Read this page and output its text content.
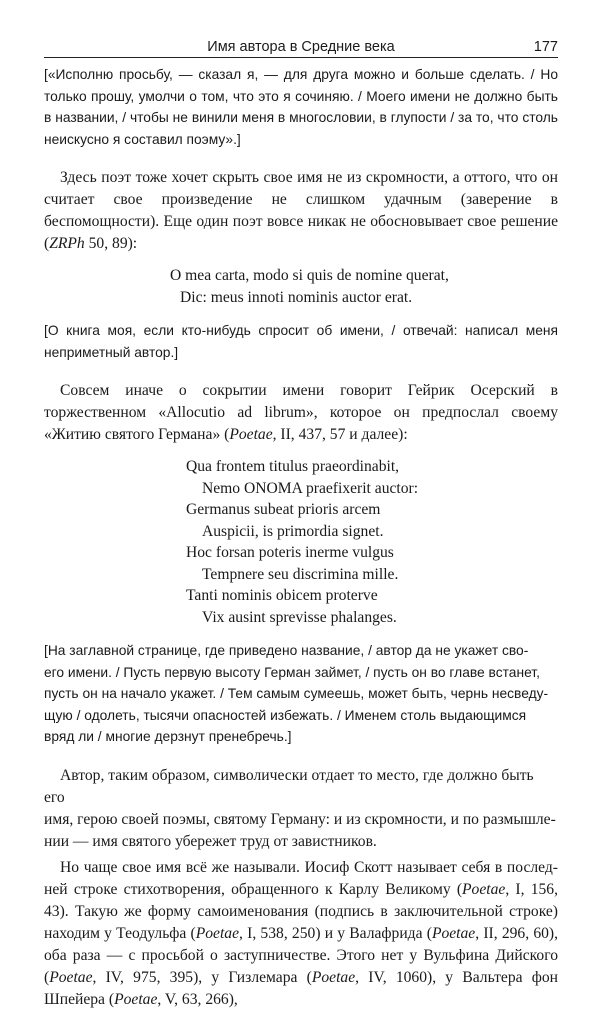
Имя автора в Средние века	177

[«Исполню просьбу, — сказал я, — для друга можно и больше сделать. / Но только прошу, умолчи о том, что это я сочиняю. / Моего имени не должно быть в названии, / чтобы не винили меня в многословии, в глупости / за то, что столь неискусно я составил поэму».]

Здесь поэт тоже хочет скрыть свое имя не из скромности, а оттого, что он считает свое произведение не слишком удачным (заверение в беспомощности). Еще один поэт вовсе никак не обосновывает свое решение (ZRPh 50, 89):

O mea carta, modo si quis de nomine querat,
Dic: meus innoti nominis auctor erat.

[О книга моя, если кто-нибудь спросит об имени, / отвечай: написал меня неприметный автор.]

Совсем иначе о сокрытии имени говорит Гейрик Осерский в торжественном «Allocutio ad librum», которое он предпослал своему «Житию святого Германа» (Poetae, II, 437, 57 и далее):

Qua frontem titulus praeordinabit,
Nemo ONOMA praefixerit auctor:
Germanus subeat prioris arcem
Auspicii, is primordia signet.
Hoc forsan poteris inerme vulgus
Tempnere seu discrimina mille.
Tanti nominis obicem proterve
Vix ausint sprevisse phalanges.

[На заглавной странице, где приведено название, / автор да не укажет сво-
его имени. / Пусть первую высоту Герман займет, / пусть он во главе встанет,
пусть он на начало укажет. / Тем самым сумеешь, может быть, чернь несведу-
щую / одолеть, тысячи опасностей избежать. / Именем столь выдающимся
вряд ли / многие дерзнут пренебречь.]

Автор, таким образом, символически отдает то место, где должно быть его
имя, герою своей поэмы, святому Герману: и из скромности, и по размышле-
нии — имя святого убережет труд от завистников.

Но чаще свое имя всё же называли. Иосиф Скотт называет себя в послед-ней строке стихотворения, обращенного к Карлу Великому (Poetae, I, 156, 43). Такую же форму самоименования (подпись в заключительной строке) находим у Теодульфа (Poetae, I, 538, 250) и у Валафрида (Poetae, II, 296, 60), оба раза — с просьбой о заступничестве. Этого нет у Вульфина Дийского (Poetae, IV, 975, 395), у Гизлемара (Poetae, IV, 1060), у Вальтера фон Шпейера (Poetae, V, 63, 266),
